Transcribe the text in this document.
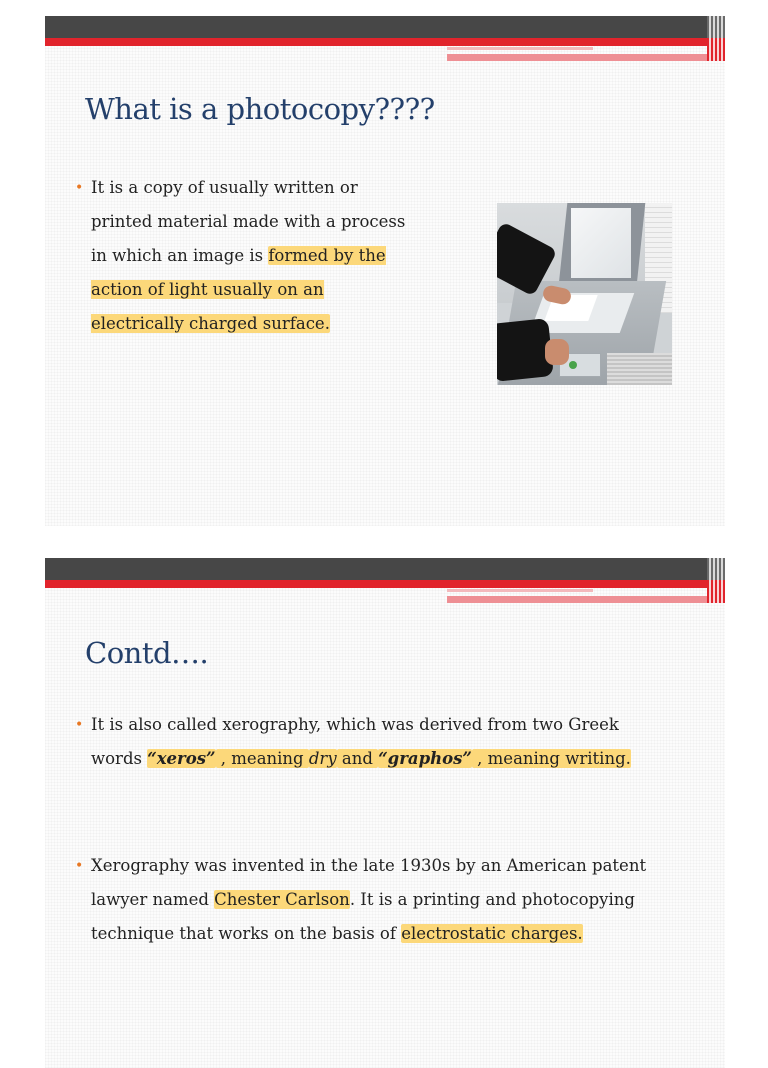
What is a photocopy????
• It is a copy of usually written or printed material made with a process in which an image is formed by the action of light usually on an electrically charged surface.
Contd….
• It is also called xerography, which was derived from two Greek words “xeros” , meaning dry and “graphos” , meaning writing.
• Xerography was invented in the late 1930s by an American patent lawyer named Chester Carlson. It is a printing and photocopying technique that works on the basis of electrostatic charges.
